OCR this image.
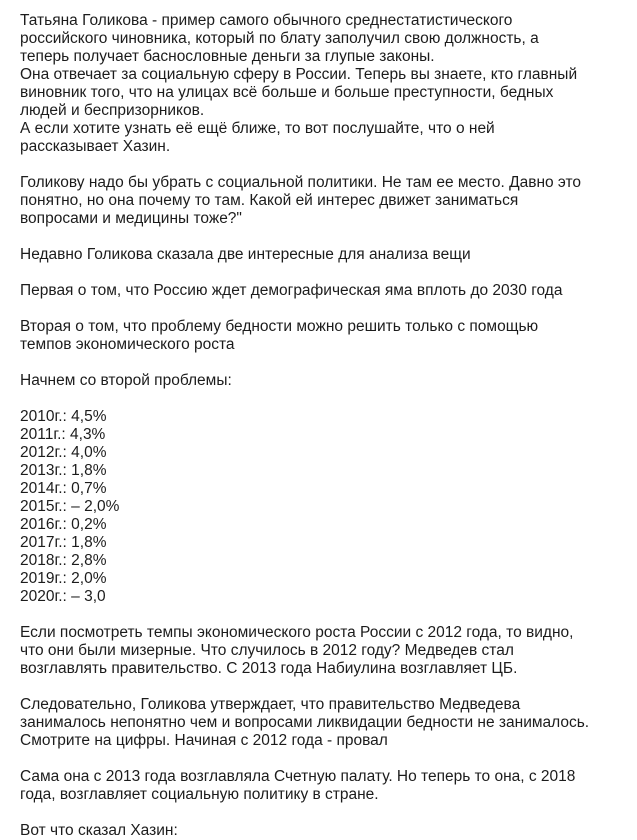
Татьяна Голикова - пример самого обычного среднестатистического
российского чиновника, который по блату заполучил свою должность, а
теперь получает баснословные деньги за глупые законы.
Она отвечает за социальную сферу в России. Теперь вы знаете, кто главный
виновник того, что на улицах всё больше и больше преступности, бедных
людей и беспризорников.
А если хотите узнать её ещё ближе, то вот послушайте, что о ней
рассказывает Хазин.
Голикову надо бы убрать с социальной политики. Не там ее место. Давно это
понятно, но она почему то там. Какой ей интерес движет заниматься
вопросами и медицины тоже?"
Недавно Голикова сказала две интересные для анализа вещи
Первая о том, что Россию ждет демографическая яма вплоть до 2030 года
Вторая о том, что проблему бедности можно решить только с помощью
темпов экономического роста
Начнем со второй проблемы:
2010г.: 4,5%
2011г.: 4,3%
2012г.: 4,0%
2013г.: 1,8%
2014г.: 0,7%
2015г.: – 2,0%
2016г.: 0,2%
2017г.: 1,8%
2018г.: 2,8%
2019г.: 2,0%
2020г.: – 3,0
Если посмотреть темпы экономического роста России с 2012 года, то видно,
что они были мизерные. Что случилось в 2012 году? Медведев стал
возглавлять правительство. С 2013 года Набиулина возглавляет ЦБ.
Следовательно, Голикова утверждает, что правительство Медведева
занималось непонятно чем и вопросами ликвидации бедности не занималось.
Смотрите на цифры. Начиная с 2012 года - провал
Сама она с 2013 года возглавляла Счетную палату. Но теперь то она, с 2018
года, возглавляет социальную политику в стране.
Вот что сказал Хазин:
